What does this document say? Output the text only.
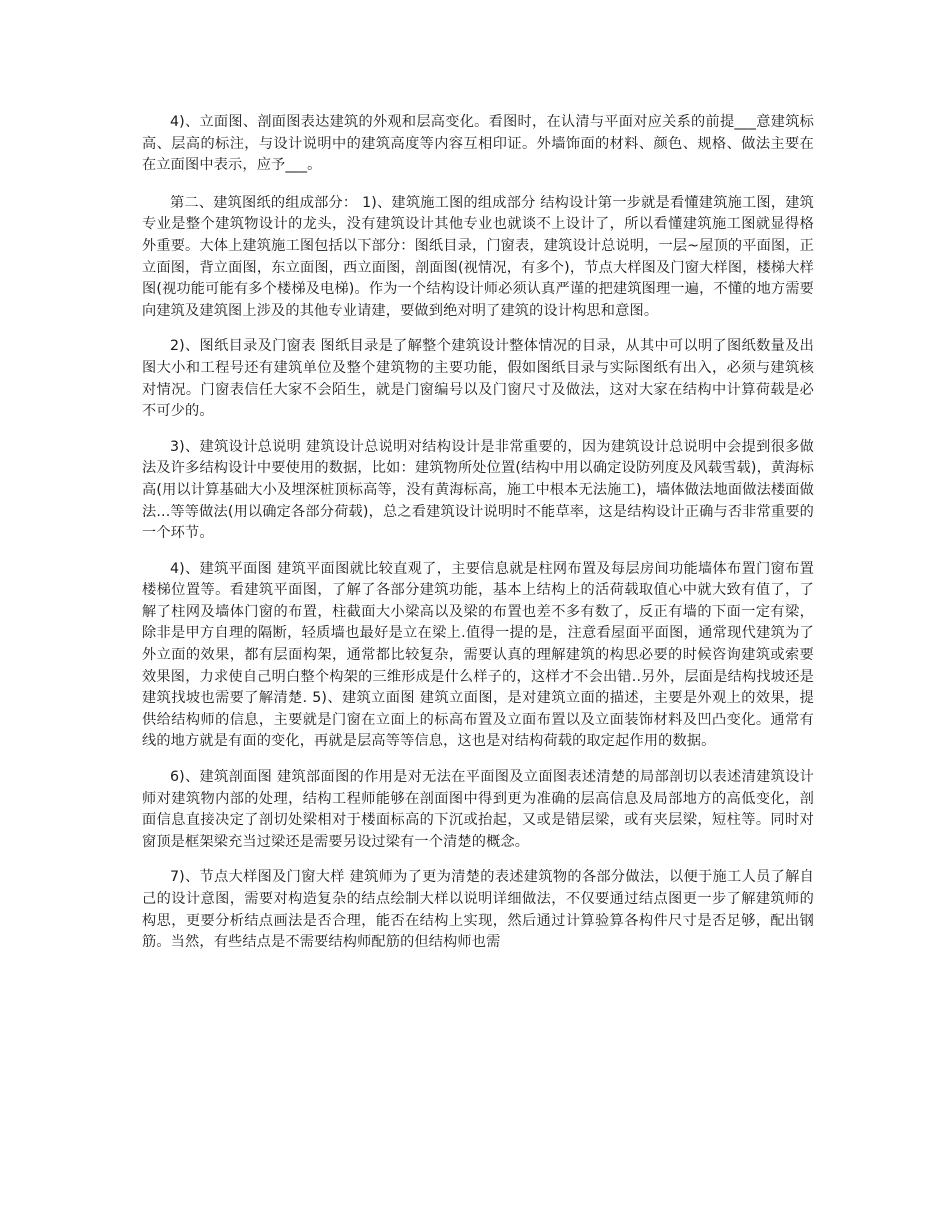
4)、立面图、剖面图表达建筑的外观和层高变化。看图时，在认清与平面对应关系的前提___意建筑标高、层高的标注，与设计说明中的建筑高度等内容互相印证。外墙饰面的材料、颜色、规格、做法主要在在立面图中表示，应予___。

第二、建筑图纸的组成部分： 1)、建筑施工图的组成部分 结构设计第一步就是看懂建筑施工图，建筑专业是整个建筑物设计的龙头，没有建筑设计其他专业也就谈不上设计了，所以看懂建筑施工图就显得格外重要。大体上建筑施工图包括以下部分：图纸目录，门窗表，建筑设计总说明，一层~屋顶的平面图，正立面图，背立面图，东立面图，西立面图，剖面图(视情况，有多个)，节点大样图及门窗大样图，楼梯大样图(视功能可能有多个楼梯及电梯)。作为一个结构设计师必须认真严谨的把建筑图理一遍，不懂的地方需要向建筑及建筑图上涉及的其他专业请建，要做到绝对明了建筑的设计构思和意图。

2)、图纸目录及门窗表 图纸目录是了解整个建筑设计整体情况的目录，从其中可以明了图纸数量及出图大小和工程号还有建筑单位及整个建筑物的主要功能，假如图纸目录与实际图纸有出入，必须与建筑核对情况。门窗表信任大家不会陌生，就是门窗编号以及门窗尺寸及做法，这对大家在结构中计算荷载是必不可少的。

3)、建筑设计总说明 建筑设计总说明对结构设计是非常重要的，因为建筑设计总说明中会提到很多做法及许多结构设计中要使用的数据，比如：建筑物所处位置(结构中用以确定设防列度及风载雪载)，黄海标高(用以计算基础大小及埋深桩顶标高等，没有黄海标高，施工中根本无法施工)，墙体做法地面做法楼面做法...等等做法(用以确定各部分荷载)，总之看建筑设计说明时不能草率，这是结构设计正确与否非常重要的一个环节。

4)、建筑平面图 建筑平面图就比较直观了，主要信息就是柱网布置及每层房间功能墙体布置门窗布置楼梯位置等。看建筑平面图，了解了各部分建筑功能，基本上结构上的活荷载取值心中就大致有值了，了解了柱网及墙体门窗的布置，柱截面大小梁高以及梁的布置也差不多有数了，反正有墙的下面一定有梁，除非是甲方自理的隔断，轻质墙也最好是立在梁上.值得一提的是，注意看屋面平面图，通常现代建筑为了外立面的效果，都有层面构架，通常都比较复杂，需要认真的理解建筑的构思必要的时候咨询建筑或索要效果图，力求使自己明白整个构架的三维形成是什么样子的，这样才不会出错..另外，层面是结构找坡还是建筑找坡也需要了解清楚. 5)、建筑立面图 建筑立面图，是对建筑立面的描述，主要是外观上的效果，提供给结构师的信息，主要就是门窗在立面上的标高布置及立面布置以及立面装饰材料及凹凸变化。通常有线的地方就是有面的变化，再就是层高等等信息，这也是对结构荷载的取定起作用的数据。

6)、建筑剖面图 建筑部面图的作用是对无法在平面图及立面图表述清楚的局部剖切以表述清建筑设计师对建筑物内部的处理，结构工程师能够在剖面图中得到更为准确的层高信息及局部地方的高低变化，剖面信息直接决定了剖切处梁相对于楼面标高的下沉或抬起，又或是错层梁，或有夹层梁，短柱等。同时对窗顶是框架梁充当过梁还是需要另设过梁有一个清楚的概念。

7)、节点大样图及门窗大样 建筑师为了更为清楚的表述建筑物的各部分做法，以便于施工人员了解自己的设计意图，需要对构造复杂的结点绘制大样以说明详细做法，不仅要通过结点图更一步了解建筑师的构思，更要分析结点画法是否合理，能否在结构上实现，然后通过计算验算各构件尺寸是否足够，配出钢筋。当然，有些结点是不需要结构师配筋的但结构师也需
